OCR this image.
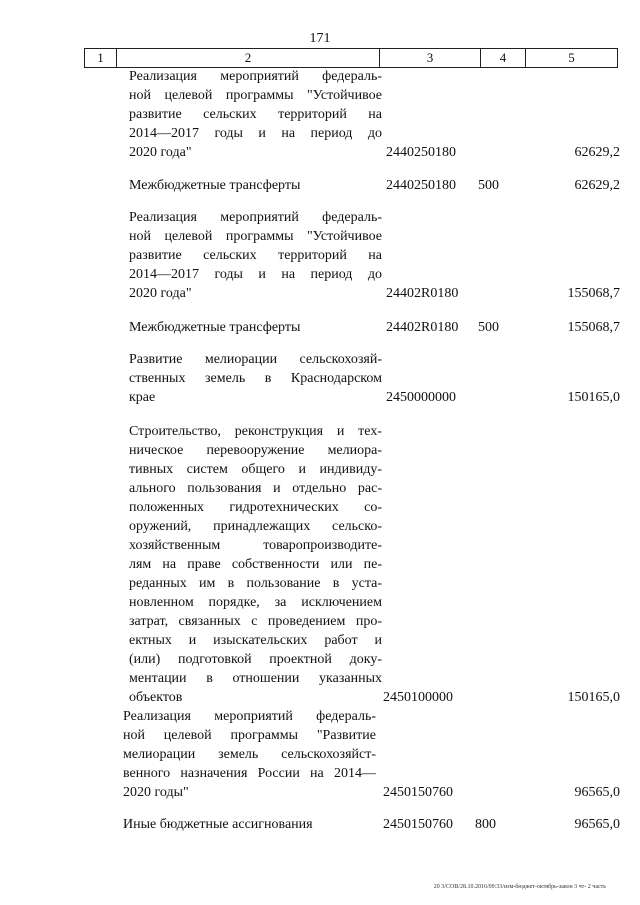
171
1	2	3	4	5
Реализация мероприятий федераль-
ной целевой программы "Устойчивое
развитие сельских территорий на
2014—2017 годы и на период до
2020 года"	2440250180	62629,2
Межбюджетные трансферты	2440250180 500	62629,2
Реализация мероприятий федераль-
ной целевой программы "Устойчивое
развитие сельских территорий на
2014—2017 годы и на период до
2020 года"	24402R0180	155068,7
Межбюджетные трансферты	24402R0180 500	155068,7
Развитие мелиорации сельскохозяй-
ственных земель в Краснодарском
крае	2450000000	150165,0
Строительство, реконструкция и тех-
ническое перевооружение мелиора-
тивных систем общего и индивиду-
ального пользования и отдельно рас-
положенных гидротехнических со-
оружений, принадлежащих сельско-
хозяйственным товаропроизводите-
лям на праве собственности или пе-
реданных им в пользование в уста-
новленном порядке, за исключением
затрат, связанных с проведением про-
ектных и изыскательских работ и
(или) подготовкой проектной доку-
ментации в отношении указанных
объектов	2450100000	150165,0
Реализация мероприятий федераль-
ной целевой программы "Развитие
мелиорации земель сельскохозяйст-
венного назначения России на 2014—
2020 годы"	2450150760	96565,0
Иные бюджетные ассигнования	2450150760 800	96565,0
20 3/СОВ/28.10.2016/09:33/изм-бюджет-октябрь-закон 3 чт- 2 часть
